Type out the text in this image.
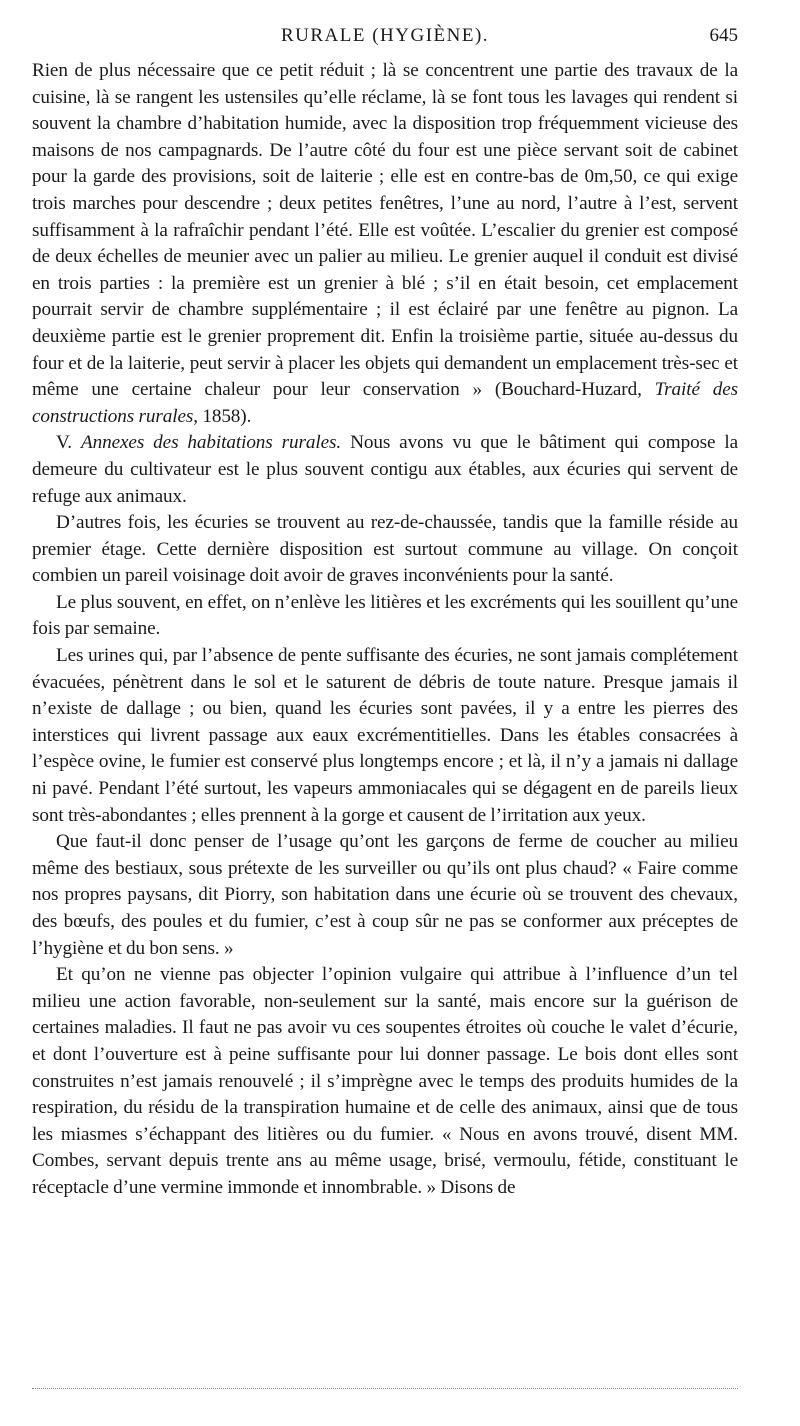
RURALE (HYGIÈNE).	645

Rien de plus nécessaire que ce petit réduit ; là se concentrent une partie des travaux de la cuisine, là se rangent les ustensiles qu’elle réclame, là se font tous les lavages qui rendent si souvent la chambre d’habitation humide, avec la disposition trop fréquemment vicieuse des maisons de nos campagnards. De l’autre côté du four est une pièce servant soit de cabinet pour la garde des provisions, soit de laiterie ; elle est en contre-bas de 0m,50, ce qui exige trois marches pour descendre ; deux petites fenêtres, l’une au nord, l’autre à l’est, servent suffisamment à la rafraîchir pendant l’été. Elle est voûtée. L’escalier du grenier est composé de deux échelles de meunier avec un palier au milieu. Le grenier auquel il conduit est divisé en trois parties : la première est un grenier à blé ; s’il en était besoin, cet emplacement pourrait servir de chambre supplémentaire ; il est éclairé par une fenêtre au pignon. La deuxième partie est le grenier proprement dit. Enfin la troisième partie, située au-dessus du four et de la laiterie, peut servir à placer les objets qui demandent un emplacement très-sec et même une certaine chaleur pour leur conservation » (Bouchard-Huzard, Traité des constructions rurales, 1858).

V. Annexes des habitations rurales. Nous avons vu que le bâtiment qui compose la demeure du cultivateur est le plus souvent contigu aux étables, aux écuries qui servent de refuge aux animaux.

D’autres fois, les écuries se trouvent au rez-de-chaussée, tandis que la famille réside au premier étage. Cette dernière disposition est surtout commune au village. On conçoit combien un pareil voisinage doit avoir de graves inconvénients pour la santé.

Le plus souvent, en effet, on n’enlève les litières et les excréments qui les souillent qu’une fois par semaine.

Les urines qui, par l’absence de pente suffisante des écuries, ne sont jamais complétement évacuées, pénètrent dans le sol et le saturent de débris de toute nature. Presque jamais il n’existe de dallage ; ou bien, quand les écuries sont pavées, il y a entre les pierres des interstices qui livrent passage aux eaux excrémentitielles. Dans les étables consacrées à l’espèce ovine, le fumier est conservé plus longtemps encore ; et là, il n’y a jamais ni dallage ni pavé. Pendant l’été surtout, les vapeurs ammoniacales qui se dégagent en de pareils lieux sont très-abondantes ; elles prennent à la gorge et causent de l’irritation aux yeux.

Que faut-il donc penser de l’usage qu’ont les garçons de ferme de coucher au milieu même des bestiaux, sous prétexte de les surveiller ou qu’ils ont plus chaud? « Faire comme nos propres paysans, dit Piorry, son habitation dans une écurie où se trouvent des chevaux, des bœufs, des poules et du fumier, c’est à coup sûr ne pas se conformer aux préceptes de l’hygiène et du bon sens. »

Et qu’on ne vienne pas objecter l’opinion vulgaire qui attribue à l’influence d’un tel milieu une action favorable, non-seulement sur la santé, mais encore sur la guérison de certaines maladies. Il faut ne pas avoir vu ces soupentes étroites où couche le valet d’écurie, et dont l’ouverture est à peine suffisante pour lui donner passage. Le bois dont elles sont construites n’est jamais renouvelé ; il s’imprègne avec le temps des produits humides de la respiration, du résidu de la transpiration humaine et de celle des animaux, ainsi que de tous les miasmes s’échappant des litières ou du fumier. « Nous en avons trouvé, disent MM. Combes, servant depuis trente ans au même usage, brisé, vermoulu, fétide, constituant le réceptacle d’une vermine immonde et innombrable. » Disons de
